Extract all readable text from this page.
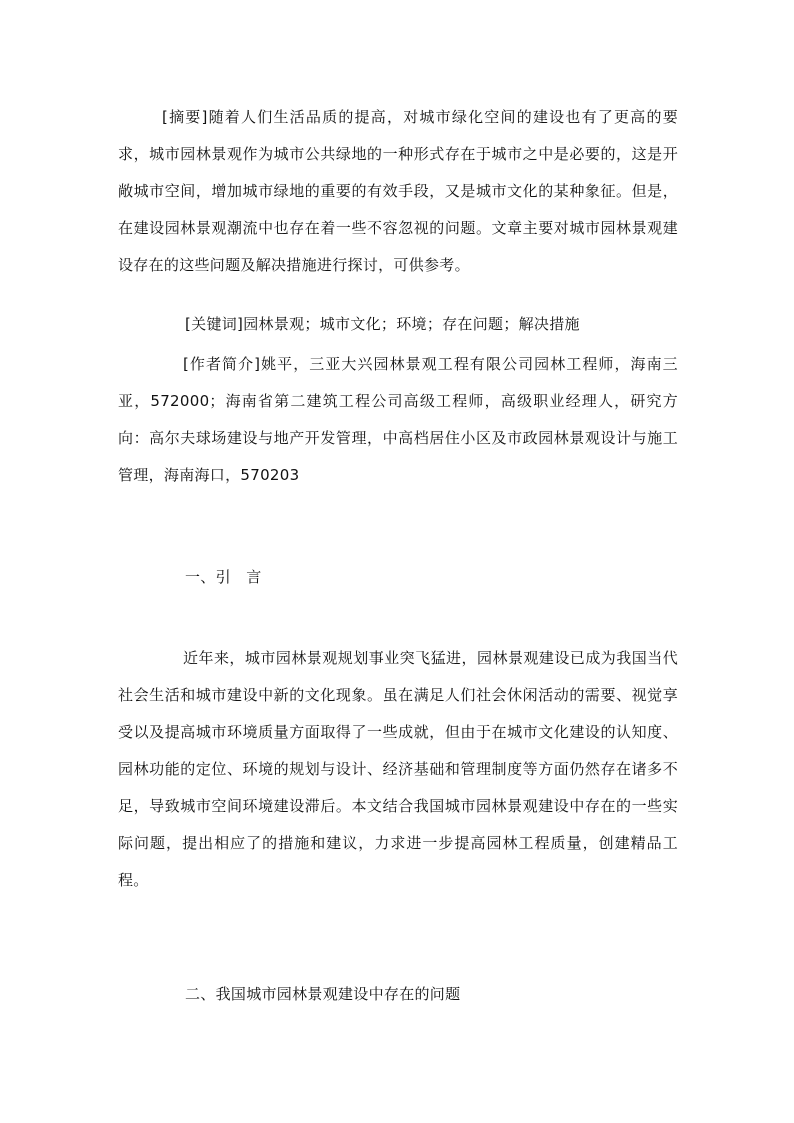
[摘要]随着人们生活品质的提高，对城市绿化空间的建设也有了更高的要求，城市园林景观作为城市公共绿地的一种形式存在于城市之中是必要的，这是开敞城市空间，增加城市绿地的重要的有效手段，又是城市文化的某种象征。但是，在建设园林景观潮流中也存在着一些不容忽视的问题。文章主要对城市园林景观建设存在的这些问题及解决措施进行探讨，可供参考。

[关键词]园林景观；城市文化；环境；存在问题；解决措施

[作者简介]姚平，三亚大兴园林景观工程有限公司园林工程师，海南三亚，572000；海南省第二建筑工程公司高级工程师，高级职业经理人，研究方向：高尔夫球场建设与地产开发管理，中高档居住小区及市政园林景观设计与施工管理，海南海口，570203

一、引　言

近年来，城市园林景观规划事业突飞猛进，园林景观建设已成为我国当代社会生活和城市建设中新的文化现象。虽在满足人们社会休闲活动的需要、视觉享受以及提高城市环境质量方面取得了一些成就，但由于在城市文化建设的认知度、园林功能的定位、环境的规划与设计、经济基础和管理制度等方面仍然存在诸多不足，导致城市空间环境建设滞后。本文结合我国城市园林景观建设中存在的一些实际问题，提出相应了的措施和建议，力求进一步提高园林工程质量，创建精品工程。

二、我国城市园林景观建设中存在的问题
